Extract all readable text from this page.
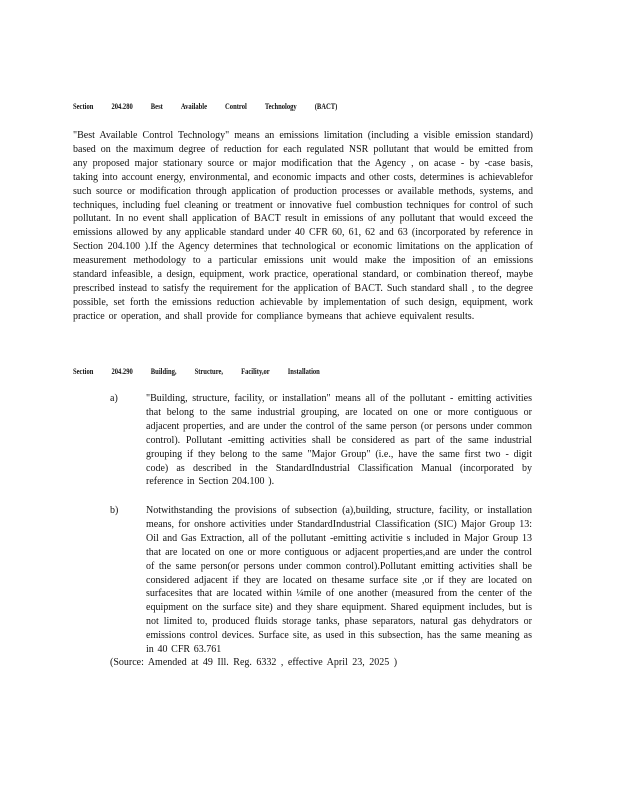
Section 204.280 Best Available Control Technology (BACT)
"Best Available Control Technology" means an emissions limitation (including a visible emission standard) based on the maximum degree of reduction for each regulated NSR pollutant that would be emitted from any proposed major stationary source or major modification that the Agency , on acase - by -case basis, taking into account energy, environmental, and economic impacts and other costs, determines is achievablefor such source or modification through application of production processes or available methods, systems, and techniques, including fuel cleaning or treatment or innovative fuel combustion techniques for control of such pollutant. In no event shall application of BACT result in emissions of any pollutant that would exceed the emissions allowed by any applicable standard under 40 CFR 60, 61, 62 and 63 (incorporated by reference in Section 204.100 ).If the Agency determines that technological or economic limitations on the application of measurement methodology to a particular emissions unit would make the imposition of an emissions standard infeasible, a design, equipment, work practice, operational standard, or combination thereof, maybe prescribed instead to satisfy the requirement for the application of BACT. Such standard shall , to the degree possible, set forth the emissions reduction achievable by implementation of such design, equipment, work practice or operation, and shall provide for compliance bymeans that achieve equivalent results.
Section 204.290 Building, Structure, Facility,or Installation
a)	"Building, structure, facility, or installation" means all of the pollutant - emitting activities that belong to the same industrial grouping, are located on one or more contiguous or adjacent properties, and are under the control of the same person (or persons under common control). Pollutant -emitting activities shall be considered as part of the same industrial grouping if they belong to the same "Major Group" (i.e., have the same first two - digit code) as described in the StandardIndustrial Classification Manual (incorporated by reference in Section 204.100 ).
b)	Notwithstanding the provisions of subsection (a),building, structure, facility, or installation means, for onshore activities under StandardIndustrial Classification (SIC) Major Group 13: Oil and Gas Extraction, all of the pollutant -emitting activitie s included in Major Group 13 that are located on one or more contiguous or adjacent properties,and are under the control of the same person(or persons under common control).Pollutant emitting activities shall be considered adjacent if they are located on thesame surface site ,or if they are located on surfacesites that are located within ¼mile of one another (measured from the center of the equipment on the surface site) and they share equipment. Shared equipment includes, but is not limited to, produced fluids storage tanks, phase separators, natural gas dehydrators or emissions control devices. Surface site, as used in this subsection, has the same meaning as in 40 CFR 63.761
(Source: Amended at 49 Ill. Reg. 6332 , effective April 23, 2025 )
